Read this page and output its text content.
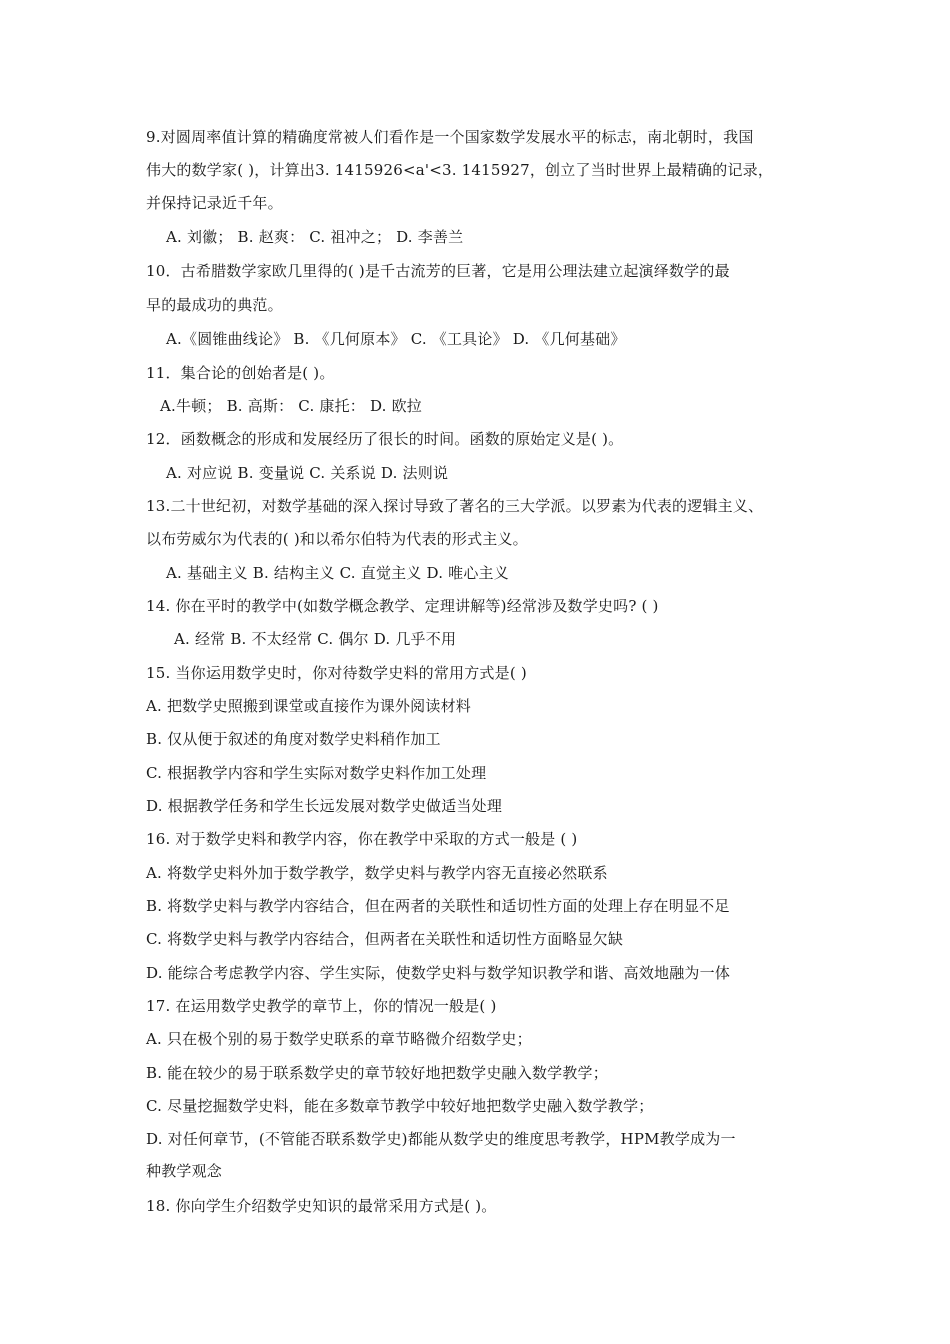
9.对圆周率值计算的精确度常被人们看作是一个国家数学发展水平的标志，南北朝时，我国
伟大的数学家( )，计算出3. 1415926<a'<3. 1415927，创立了当时世界上最精确的记录，
并保持记录近千年。
A. 刘徽； B. 赵爽： C. 祖冲之； D. 李善兰
10．古希腊数学家欧几里得的( )是千古流芳的巨著，它是用公理法建立起演绎数学的最
早的最成功的典范。
A.《圆锥曲线论》 B. 《几何原本》 C. 《工具论》 D. 《几何基础》
11．集合论的创始者是( )。
A.牛顿； B. 高斯： C. 康托： D. 欧拉
12．函数概念的形成和发展经历了很长的时间。函数的原始定义是( )。
A. 对应说 B. 变量说 C. 关系说 D. 法则说
13.二十世纪初，对数学基础的深入探讨导致了著名的三大学派。以罗素为代表的逻辑主义、
以布劳威尔为代表的( )和以希尔伯特为代表的形式主义。
A. 基础主义 B. 结构主义 C. 直觉主义 D. 唯心主义
14. 你在平时的教学中(如数学概念教学、定理讲解等)经常涉及数学史吗? ( )
A. 经常 B. 不太经常 C. 偶尔 D. 几乎不用
15. 当你运用数学史时，你对待数学史料的常用方式是( )
A. 把数学史照搬到课堂或直接作为课外阅读材料
B. 仅从便于叙述的角度对数学史料稍作加工
C. 根据教学内容和学生实际对数学史料作加工处理
D. 根据教学任务和学生长远发展对数学史做适当处理
16. 对于数学史料和教学内容，你在教学中采取的方式一般是 ( )
A. 将数学史料外加于数学教学，数学史料与教学内容无直接必然联系
B. 将数学史料与教学内容结合，但在两者的关联性和适切性方面的处理上存在明显不足
C. 将数学史料与教学内容结合，但两者在关联性和适切性方面略显欠缺
D. 能综合考虑教学内容、学生实际，使数学史料与数学知识教学和谐、高效地融为一体
17. 在运用数学史教学的章节上，你的情况一般是( )
A. 只在极个别的易于数学史联系的章节略微介绍数学史；
B. 能在较少的易于联系数学史的章节较好地把数学史融入数学教学；
C. 尽量挖掘数学史料，能在多数章节教学中较好地把数学史融入数学教学；
D. 对任何章节，(不管能否联系数学史)都能从数学史的维度思考教学，HPM教学成为一
种教学观念
18. 你向学生介绍数学史知识的最常采用方式是( )。
